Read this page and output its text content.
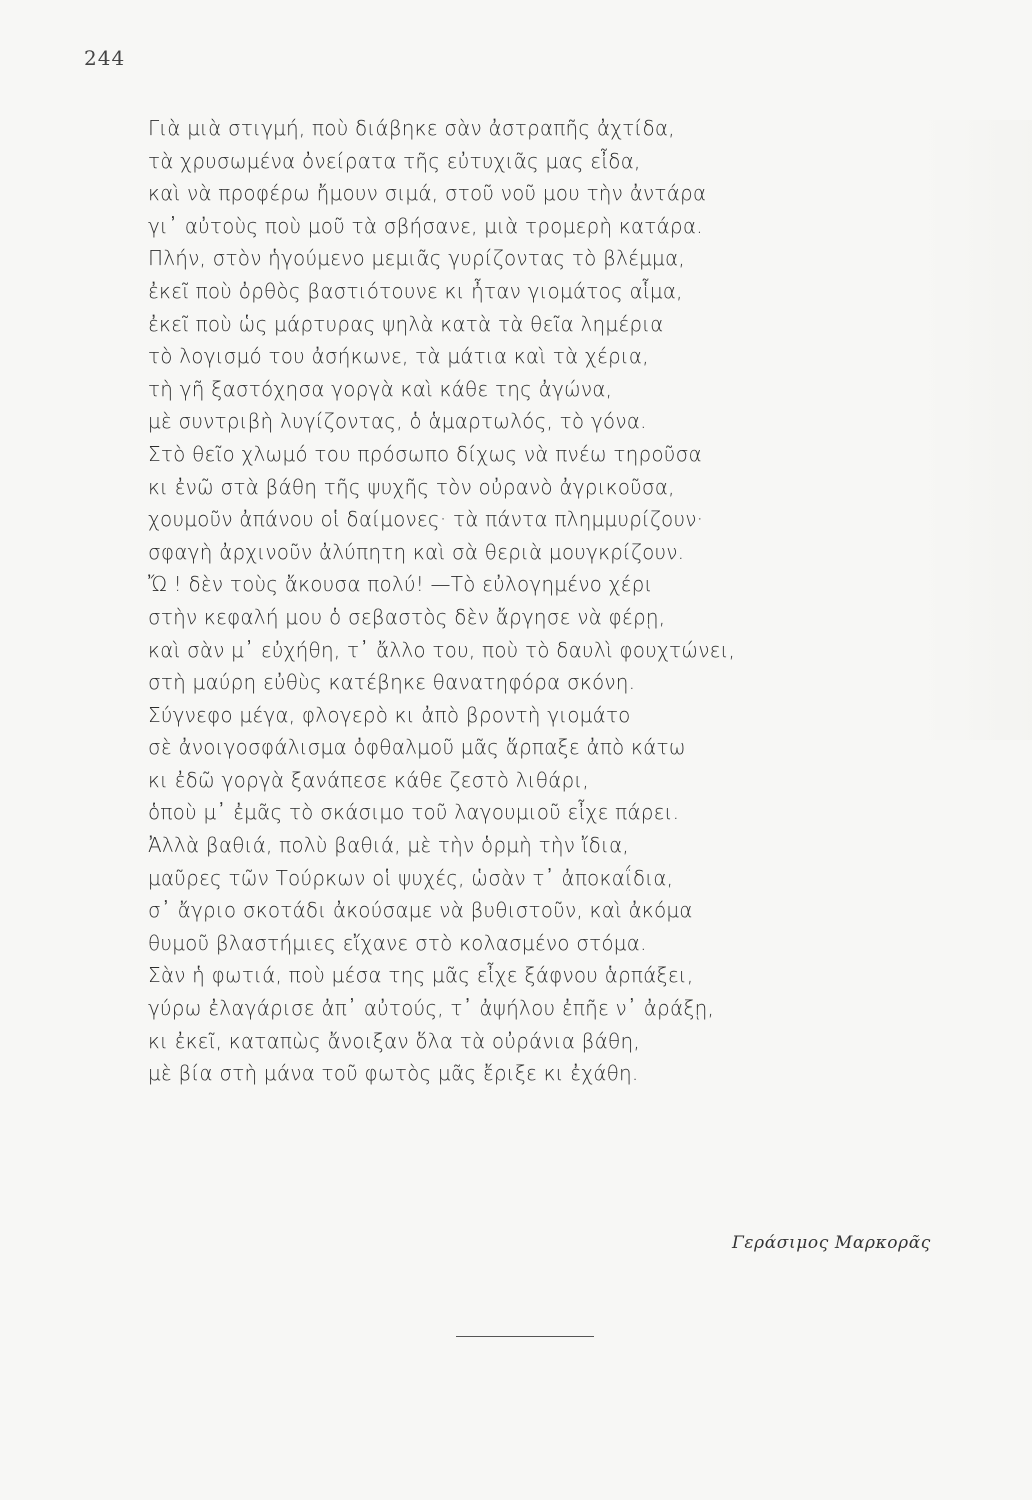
244
Γιὰ μιὰ στιγμή, ποὺ διάβηκε σὰν ἀστραπῆς ἀχτίδα,
τὰ χρυσωμένα ὀνείρατα τῆς εὐτυχιᾶς μας εἶδα,
καὶ νὰ προφέρω ἤμουν σιμά, στοῦ νοῦ μου τὴν ἀντάρα
γι᾽ αὐτοὺς ποὺ μοῦ τὰ σβήσανε, μιὰ τρομερὴ κατάρα.
Πλήν, στὸν ἡγούμενο μεμιᾶς γυρίζοντας τὸ βλέμμα,
ἐκεῖ ποὺ ὀρθὸς βαστιότουνε κι ἦταν γιομάτος αἷμα,
ἐκεῖ ποὺ ὡς μάρτυρας ψηλὰ κατὰ τὰ θεῖα λημέρια
τὸ λογισμό του ἀσήκωνε, τὰ μάτια καὶ τὰ χέρια,
τὴ γῆ ξαστόχησα γοργὰ καὶ κάθε της ἀγώνα,
μὲ συντριβὴ λυγίζοντας, ὁ ἁμαρτωλός, τὸ γόνα.
Στὸ θεῖο χλωμό του πρόσωπο δίχως νὰ πνέω τηροῦσα
κι ἐνῶ στὰ βάθη τῆς ψυχῆς τὸν οὐρανὸ ἀγρικοῦσα,
χουμοῦν ἀπάνου οἱ δαίμονες· τὰ πάντα πλημμυρίζουν·
σφαγὴ ἀρχινοῦν ἀλύπητη καὶ σὰ θεριὰ μουγκρίζουν.
Ὤ ! δὲν τοὺς ἄκουσα πολύ! —Τὸ εὐλογημένο χέρι
στὴν κεφαλή μου ὁ σεβαστὸς δὲν ἄργησε νὰ φέρῃ,
καὶ σὰν μ᾽ εὐχήθη, τ᾽ ἄλλο του, ποὺ τὸ δαυλὶ φουχτώνει,
στὴ μαύρη εὐθὺς κατέβηκε θανατηφόρα σκόνη.
Σύγνεφο μέγα, φλογερὸ κι ἀπὸ βροντὴ γιομάτο
σὲ ἀνοιγοσφάλισμα ὀφθαλμοῦ μᾶς ἅρπαξε ἀπὸ κάτω
κι ἐδῶ γοργὰ ξανάπεσε κάθε ζεστὸ λιθάρι,
ὁποὺ μ᾽ ἐμᾶς τὸ σκάσιμο τοῦ λαγουμιοῦ εἶχε πάρει.
Ἀλλὰ βαθιά, πολὺ βαθιά, μὲ τὴν ὁρμὴ τὴν ἴδια,
μαῦρες τῶν Τούρκων οἱ ψυχές, ὡσὰν τ᾽ ἀποκαΐδια,
σ᾽ ἄγριο σκοτάδι ἀκούσαμε νὰ βυθιστοῦν, καὶ ἀκόμα
θυμοῦ βλαστήμιες εἴχανε στὸ κολασμένο στόμα.
Σὰν ἡ φωτιά, ποὺ μέσα της μᾶς εἶχε ξάφνου ἁρπάξει,
γύρω ἐλαγάρισε ἀπ᾽ αὐτούς, τ᾽ ἀψήλου ἐπῆε ν᾽ ἀράξῃ,
κι ἐκεῖ, καταπὼς ἄνοιξαν ὅλα τὰ οὐράνια βάθη,
μὲ βία στὴ μάνα τοῦ φωτὸς μᾶς ἔριξε κι ἐχάθη.
Γεράσιμος Μαρκορᾶς
